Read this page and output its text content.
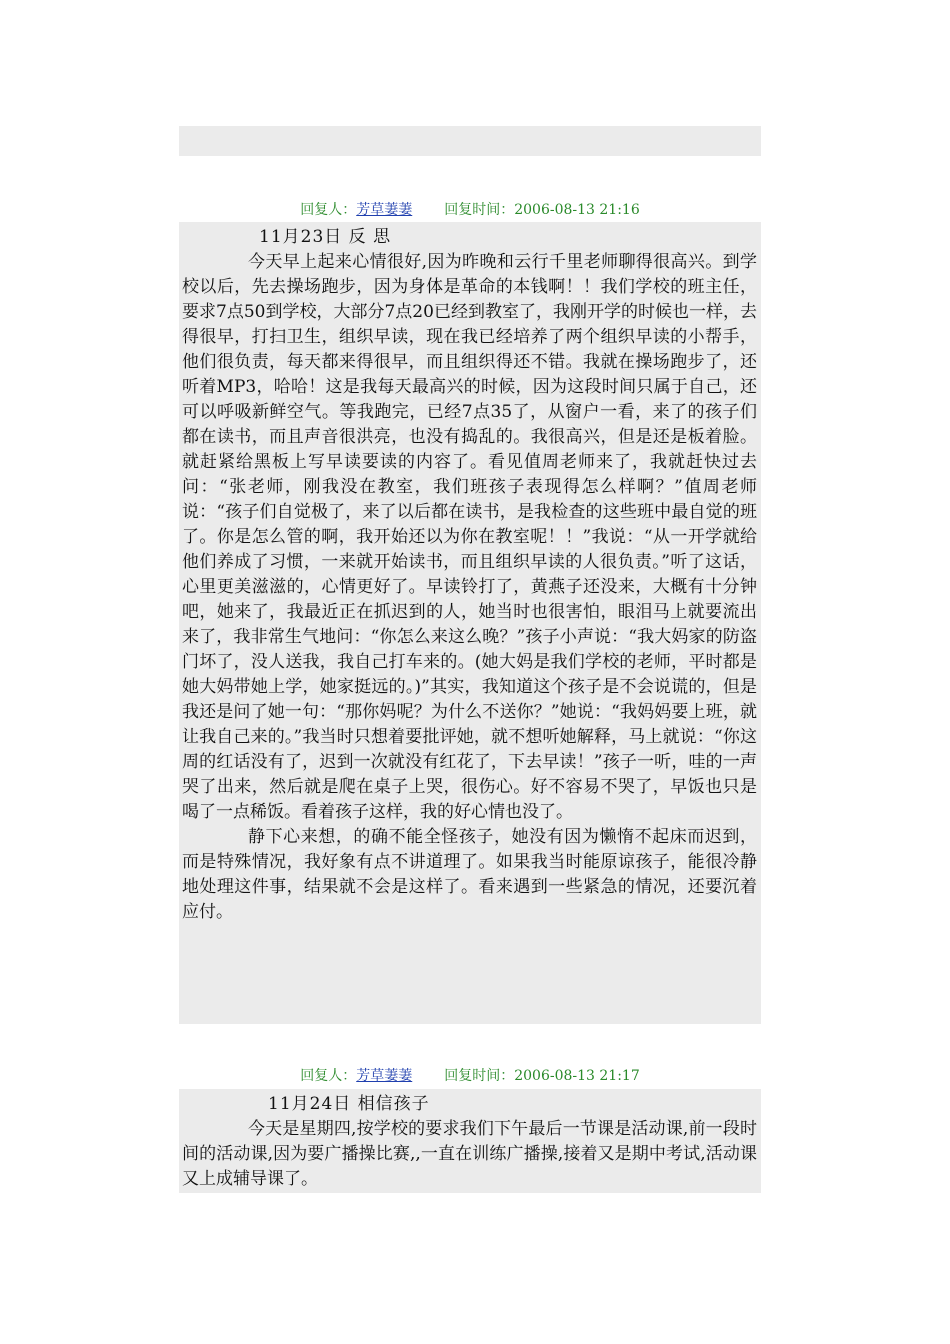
回复人：芳草萋萋 回复时间：2006-08-13 21:16
11月23日 反 思

今天早上起来心情很好,因为昨晚和云行千里老师聊得很高兴。到学校以后，先去操场跑步，因为身体是革命的本钱啊！！我们学校的班主任，要求7点50到学校，大部分7点20已经到教室了，我刚开学的时候也一样，去得很早，打扫卫生，组织早读，现在我已经培养了两个组织早读的小帮手，他们很负责，每天都来得很早，而且组织得还不错。我就在操场跑步了，还听着MP3，哈哈！这是我每天最高兴的时候，因为这段时间只属于自己，还可以呼吸新鲜空气。等我跑完，已经7点35了，从窗户一看，来了的孩子们都在读书，而且声音很洪亮，也没有捣乱的。我很高兴，但是还是板着脸。就赶紧给黑板上写早读要读的内容了。看见值周老师来了，我就赶快过去问：“张老师，刚我没在教室，我们班孩子表现得怎么样啊？”值周老师说：“孩子们自觉极了，来了以后都在读书，是我检查的这些班中最自觉的班了。你是怎么管的啊，我开始还以为你在教室呢！！”我说：“从一开学就给他们养成了习惯，一来就开始读书，而且组织早读的人很负责。”听了这话，心里更美滋滋的，心情更好了。早读铃打了，黄燕子还没来，大概有十分钟吧，她来了，我最近正在抓迟到的人，她当时也很害怕，眼泪马上就要流出来了，我非常生气地问：“你怎么来这么晚？”孩子小声说：“我大妈家的防盗门坏了，没人送我，我自己打车来的。(她大妈是我们学校的老师，平时都是她大妈带她上学，她家挺远的。)”其实，我知道这个孩子是不会说谎的，但是我还是问了她一句：“那你妈呢？为什么不送你？”她说：“我妈妈要上班，就让我自己来的。”我当时只想着要批评她，就不想听她解释，马上就说：“你这周的红话没有了，迟到一次就没有红花了，下去早读！”孩子一听，哇的一声哭了出来，然后就是爬在桌子上哭，很伤心。好不容易不哭了，早饭也只是喝了一点稀饭。看着孩子这样，我的好心情也没了。

静下心来想，的确不能全怪孩子，她没有因为懒惰不起床而迟到，而是特殊情况，我好象有点不讲道理了。如果我当时能原谅孩子，能很冷静地处理这件事，结果就不会是这样了。看来遇到一些紧急的情况，还要沉着应付。

回复人：芳草萋萋 回复时间：2006-08-13 21:17
11月24日 相信孩子

今天是星期四,按学校的要求我们下午最后一节课是活动课,前一段时间的活动课,因为要广播操比赛,,一直在训练广播操,接着又是期中考试,活动课又上成辅导课了。
